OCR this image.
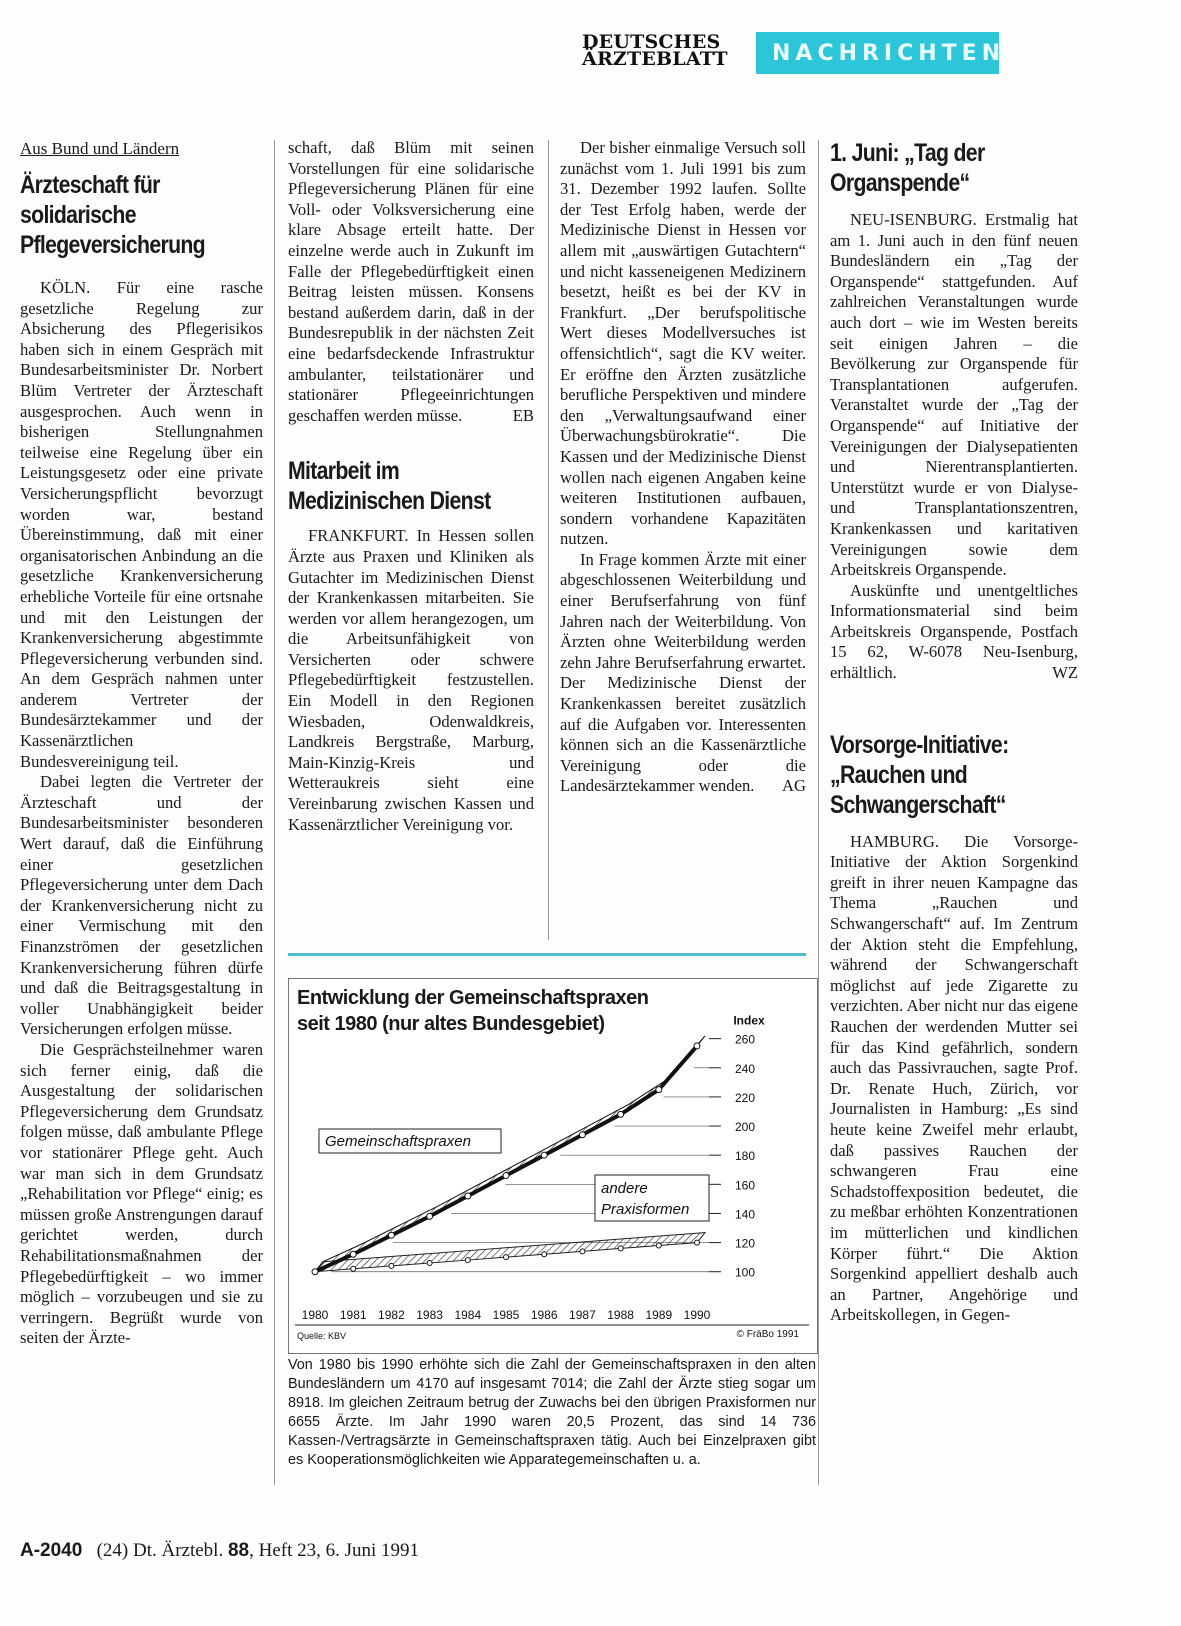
DEUTSCHES
ÄRZTEBLATT NACHRICHTEN
Aus Bund und Ländern
Ärzteschaft für solidarische Pflegeversicherung

KÖLN. Für eine rasche gesetzliche Regelung zur Absicherung des Pflegerisikos haben sich in einem Gespräch mit Bundesarbeitsminister Dr. Norbert Blüm Vertreter der Ärzteschaft ausgesprochen. Auch wenn in bisherigen Stellungnahmen teilweise eine Regelung über ein Leistungsgesetz oder eine private Versicherungspflicht bevorzugt worden war, bestand Übereinstimmung, daß mit einer organisatorischen Anbindung an die gesetzliche Krankenversicherung erhebliche Vorteile für eine ortsnahe und mit den Leistungen der Krankenversicherung abgestimmte Pflegeversicherung verbunden sind. An dem Gespräch nahmen unter anderem Vertreter der Bundesärztekammer und der Kassenärztlichen Bundesvereinigung teil.

Dabei legten die Vertreter der Ärzteschaft und der Bundesarbeitsminister besonderen Wert darauf, daß die Einführung einer gesetzlichen Pflegeversicherung unter dem Dach der Krankenversicherung nicht zu einer Vermischung mit den Finanzströmen der gesetzlichen Krankenversicherung führen dürfe und daß die Beitragsgestaltung in voller Unabhängigkeit beider Versicherungen erfolgen müsse.

Die Gesprächsteilnehmer waren sich ferner einig, daß die Ausgestaltung der solidarischen Pflegeversicherung dem Grundsatz folgen müsse, daß ambulante Pflege vor stationärer Pflege geht. Auch war man sich in dem Grundsatz „Rehabilitation vor Pflege“ einig; es müssen große Anstrengungen darauf gerichtet werden, durch Rehabilitationsmaßnahmen der Pflegebedürftigkeit – wo immer möglich – vorzubeugen und sie zu verringern. Begrüßt wurde von seiten der Ärzte-

schaft, daß Blüm mit seinen Vorstellungen für eine solidarische Pflegeversicherung Plänen für eine Voll- oder Volksversicherung eine klare Absage erteilt hatte. Der einzelne werde auch in Zukunft im Falle der Pflegebedürftigkeit einen Beitrag leisten müssen. Konsens bestand außerdem darin, daß in der Bundesrepublik in der nächsten Zeit eine bedarfsdeckende Infrastruktur ambulanter, teilstationärer und stationärer Pflegeeinrichtungen geschaffen werden müsse.	EB

Mitarbeit im Medizinischen Dienst

FRANKFURT. In Hessen sollen Ärzte aus Praxen und Kliniken als Gutachter im Medizinischen Dienst der Krankenkassen mitarbeiten. Sie werden vor allem herangezogen, um die Arbeitsunfähigkeit von Versicherten oder schwere Pflegebedürftigkeit festzustellen. Ein Modell in den Regionen Wiesbaden, Odenwaldkreis, Landkreis Bergstraße, Marburg, Main-Kinzig-Kreis und Wetteraukreis sieht eine Vereinbarung zwischen Kassen und Kassenärztlicher Vereinigung vor.

Der bisher einmalige Versuch soll zunächst vom 1. Juli 1991 bis zum 31. Dezember 1992 laufen. Sollte der Test Erfolg haben, werde der Medizinische Dienst in Hessen vor allem mit „auswärtigen Gutachtern“ und nicht kasseneigenen Medizinern besetzt, heißt es bei der KV in Frankfurt. „Der berufspolitische Wert dieses Modellversuches ist offensichtlich“, sagt die KV weiter. Er eröffne den Ärzten zusätzliche berufliche Perspektiven und mindere den „Verwaltungsaufwand einer Überwachungsbürokratie“. Die Kassen und der Medizinische Dienst wollen nach eigenen Angaben keine weiteren Institutionen aufbauen, sondern vorhandene Kapazitäten nutzen.

In Frage kommen Ärzte mit einer abgeschlossenen Weiterbildung und einer Berufserfahrung von fünf Jahren nach der Weiterbildung. Von Ärzten ohne Weiterbildung werden zehn Jahre Berufserfahrung erwartet. Der Medizinische Dienst der Krankenkassen bereitet zusätzlich auf die Aufgaben vor. Interessenten können sich an die Kassenärztliche Vereinigung oder die Landesärztekammer wenden.	AG

1. Juni: „Tag der Organspende“

NEU-ISENBURG. Erstmalig hat am 1. Juni auch in den fünf neuen Bundesländern ein „Tag der Organspende“ stattgefunden. Auf zahlreichen Veranstaltungen wurde auch dort – wie im Westen bereits seit einigen Jahren – die Bevölkerung zur Organspende für Transplantationen aufgerufen. Veranstaltet wurde der „Tag der Organspende“ auf Initiative der Vereinigungen der Dialysepatienten und Nierentransplantierten. Unterstützt wurde er von Dialyse- und Transplantationszentren, Krankenkassen und karitativen Vereinigungen sowie dem Arbeitskreis Organspende.

Auskünfte und unentgeltliches Informationsmaterial sind beim Arbeitskreis Organspende, Postfach 15 62, W-6078 Neu-Isenburg, erhältlich.	WZ

Vorsorge-Initiative: „Rauchen und Schwangerschaft“

HAMBURG. Die Vorsorge-Initiative der Aktion Sorgenkind greift in ihrer neuen Kampagne das Thema „Rauchen und Schwangerschaft“ auf. Im Zentrum der Aktion steht die Empfehlung, während der Schwangerschaft möglichst auf jede Zigarette zu verzichten. Aber nicht nur das eigene Rauchen der werdenden Mutter sei für das Kind gefährlich, sondern auch das Passivrauchen, sagte Prof. Dr. Renate Huch, Zürich, vor Journalisten in Hamburg: „Es sind heute keine Zweifel mehr erlaubt, daß passives Rauchen der schwangeren Frau eine Schadstoffexposition bedeutet, die zu meßbar erhöhten Konzentrationen im mütterlichen und kindlichen Körper führt.“ Die Aktion Sorgenkind appelliert deshalb auch an Partner, Angehörige und Arbeitskollegen, in Gegen-

Entwicklung der Gemeinschaftspraxen seit 1980 (nur altes Bundesgebiet)
100
120
140
160
180
200
220
240
260
Index
Gemeinschaftspraxen
andere
Praxisformen
1980 1981 1982 1983 1984 1985 1986 1987 1988 1989 1990
Quelle: KBV	© FräBo 1991
Von 1980 bis 1990 erhöhte sich die Zahl der Gemeinschaftspraxen in den alten Bundesländern um 4170 auf insgesamt 7014; die Zahl der Ärzte stieg sogar um 8918. Im gleichen Zeitraum betrug der Zuwachs bei den übrigen Praxisformen nur 6655 Ärzte. Im Jahr 1990 waren 20,5 Prozent, das sind 14 736 Kassen-/Vertragsärzte in Gemeinschaftspraxen tätig. Auch bei Einzelpraxen gibt es Kooperationsmöglichkeiten wie Apparategemeinschaften u. a.
A-2040 (24) Dt. Ärztebl. 88, Heft 23, 6. Juni 1991
